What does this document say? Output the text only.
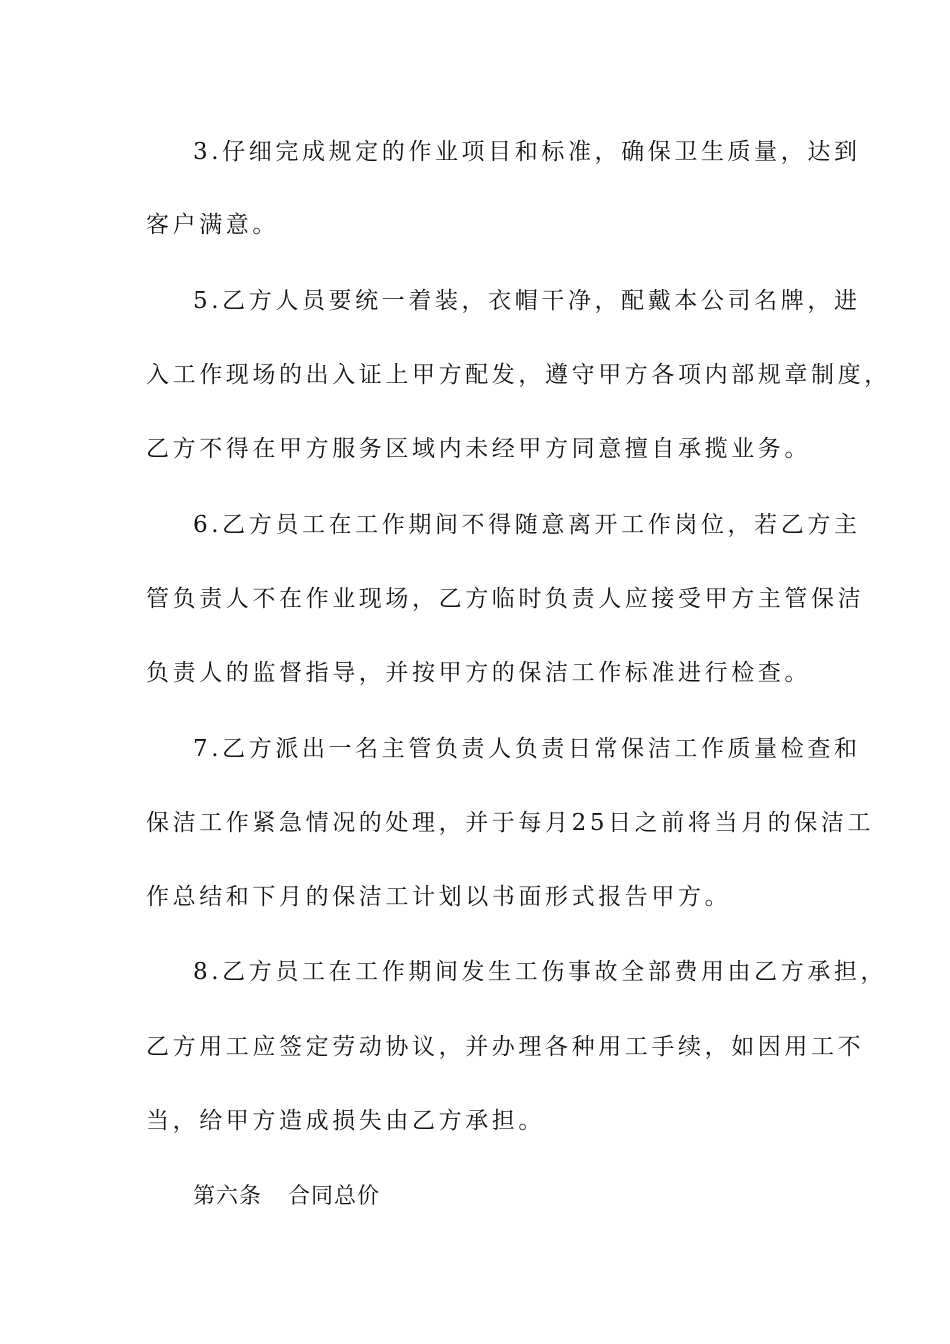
3.仔细完成规定的作业项目和标准，确保卫生质量，达到
客户满意。
5.乙方人员要统一着装，衣帽干净，配戴本公司名牌，进
入工作现场的出入证上甲方配发，遵守甲方各项内部规章制度，
乙方不得在甲方服务区域内未经甲方同意擅自承揽业务。
6.乙方员工在工作期间不得随意离开工作岗位，若乙方主
管负责人不在作业现场，乙方临时负责人应接受甲方主管保洁
负责人的监督指导，并按甲方的保洁工作标准进行检查。
7.乙方派出一名主管负责人负责日常保洁工作质量检查和
保洁工作紧急情况的处理，并于每月25日之前将当月的保洁工
作总结和下月的保洁工计划以书面形式报告甲方。
8.乙方员工在工作期间发生工伤事故全部费用由乙方承担，
乙方用工应签定劳动协议，并办理各种用工手续，如因用工不
当，给甲方造成损失由乙方承担。
第六条 合同总价
